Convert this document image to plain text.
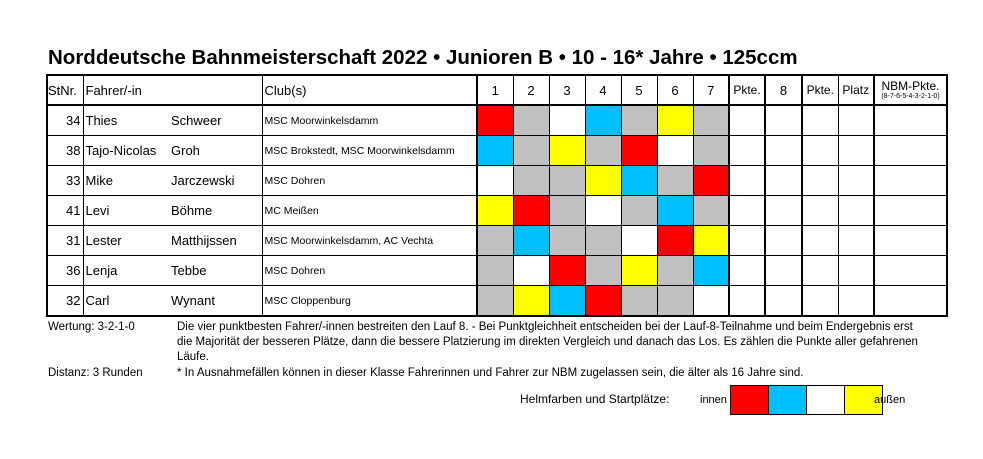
Norddeutsche Bahnmeisterschaft 2022 • Junioren B • 10 - 16* Jahre • 125ccm
StNr.	Fahrer/-in		Club(s)	1	2	3	4	5	6	7	Pkte.	8	Pkte.	Platz	NBM-Pkte.
(8-7-6-5-4-3-2-1-0)

34	Thies	Schweer	MSC Moorwinkelsdamm												
38	Tajo-Nicolas	Groh	MSC Brokstedt, MSC Moorwinkelsdamm												
33	Mike	Jarczewski	MSC Dohren												
41	Levi	Böhme	MC Meißen												
31	Lester	Matthijssen	MSC Moorwinkelsdamm, AC Vechta												
36	Lenja	Tebbe	MSC Dohren												
32	Carl	Wynant	MSC Cloppenburg												
Wertung: 3-2-1-0	Die vier punktbesten Fahrer/-innen bestreiten den Lauf 8. - Bei Punktgleichheit entscheiden bei der Lauf-8-Teilnahme und beim Endergebnis erst die Majorität der besseren Plätze, dann die bessere Platzierung im direkten Vergleich und danach das Los. Es zählen die Punkte aller gefahrenen Läufe.
Distanz: 3 Runden	* In Ausnahmefällen können in dieser Klasse Fahrerinnen und Fahrer zur NBM zugelassen sein, die älter als 16 Jahre sind.
Helmfarben und Startplätze:	innen
				außen
